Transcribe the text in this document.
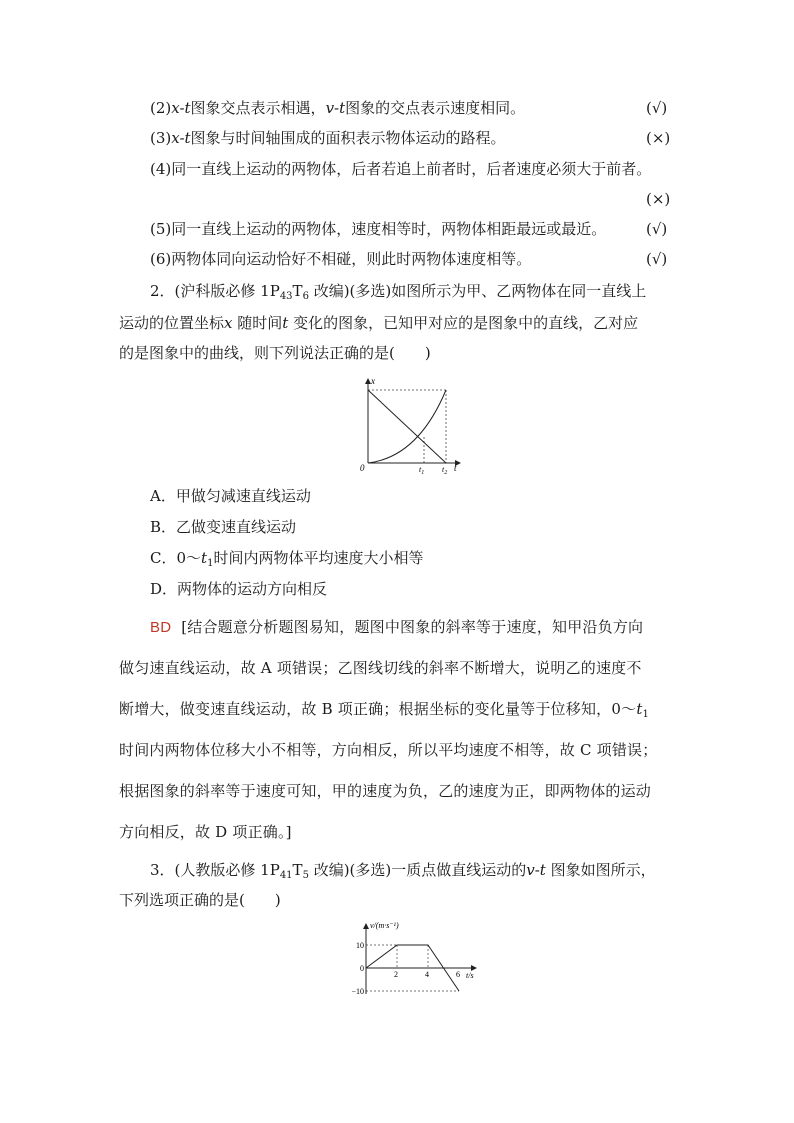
(2)x-t图象交点表示相遇，v-t图象的交点表示速度相同。	(√)
(3)x-t图象与时间轴围成的面积表示物体运动的路程。	(×)
(4)同一直线上运动的两物体，后者若追上前者时，后者速度必须大于前者。
(×)
(5)同一直线上运动的两物体，速度相等时，两物体相距最远或最近。	(√)
(6)两物体同向运动恰好不相碰，则此时两物体速度相等。	(√)
2．(沪科版必修 $1P_{43}T_6$ 改编)(多选)如图所示为甲、乙两物体在同一直线上
运动的位置坐标x 随时间t 变化的图象，已知甲对应的是图象中的直线，乙对应
的是图象中的曲线，则下列说法正确的是(　　)
x
0	$t_1$ $t_2$ t
A．甲做匀减速直线运动
B．乙做变速直线运动
C．$0\sim t_1$时间内两物体平均速度大小相等
D．两物体的运动方向相反
BD [结合题意分析题图易知，题图中图象的斜率等于速度，知甲沿负方向
做匀速直线运动，故 A 项错误；乙图线切线的斜率不断增大，说明乙的速度不
断增大，做变速直线运动，故 B 项正确；根据坐标的变化量等于位移知，$0\sim t_1$
时间内两物体位移大小不相等，方向相反，所以平均速度不相等，故 C 项错误；
根据图象的斜率等于速度可知，甲的速度为负，乙的速度为正，即两物体的运动
方向相反，故 D 项正确。]
3．(人教版必修 $1P_{41}T_5$ 改编)(多选)一质点做直线运动的v-t 图象如图所示，
下列选项正确的是(　　)
10
0
−10
2	4	6
v/(m·s⁻¹)
t/s
